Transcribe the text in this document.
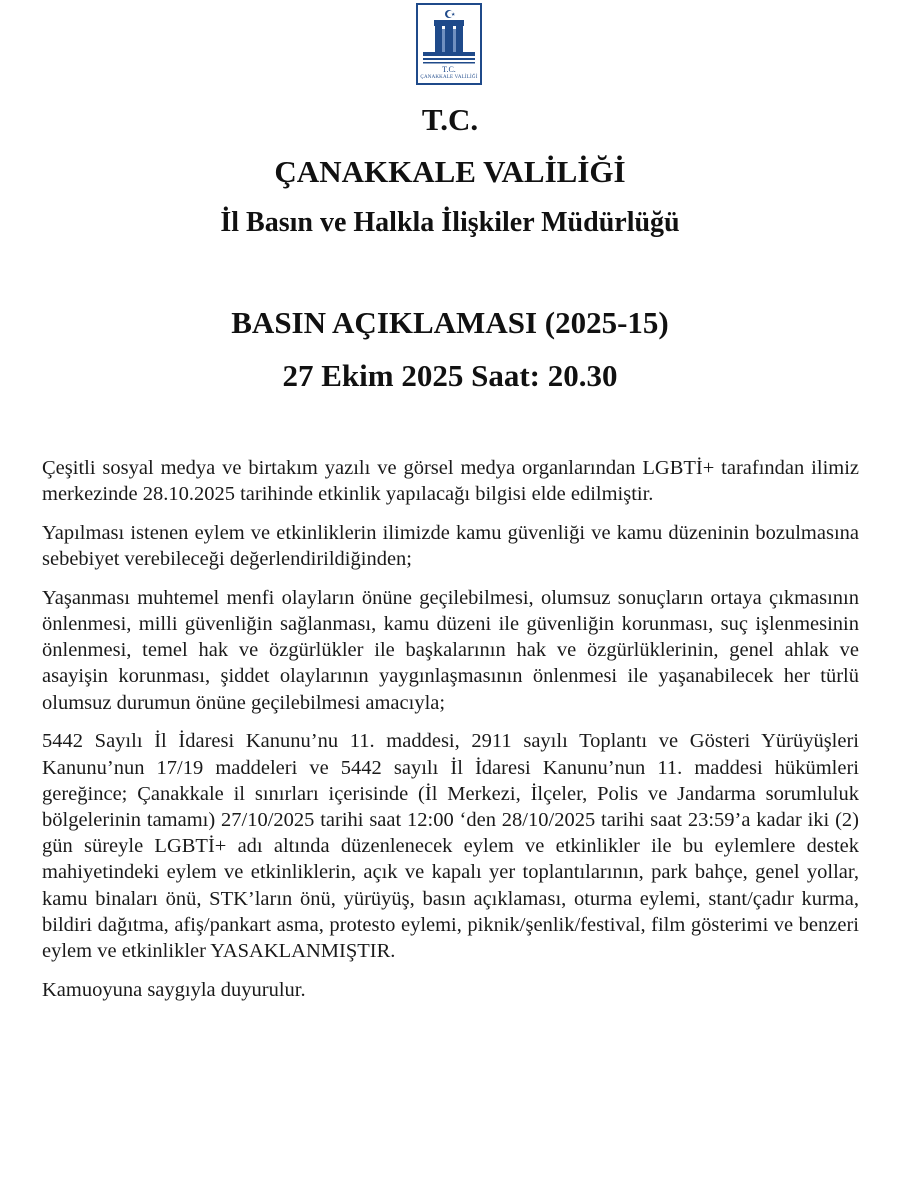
T.C.
ÇANAKKALE VALİLİĞİ
T.C.
ÇANAKKALE VALİLİĞİ
İl Basın ve Halkla İlişkiler Müdürlüğü
BASIN AÇIKLAMASI (2025-15)
27 Ekim 2025 Saat: 20.30

Çeşitli sosyal medya ve birtakım yazılı ve görsel medya organlarından LGBTİ+ tarafından ilimiz merkezinde 28.10.2025 tarihinde etkinlik yapılacağı bilgisi elde edilmiştir.

Yapılması istenen eylem ve etkinliklerin ilimizde kamu güvenliği ve kamu düzeninin bozulmasına sebebiyet verebileceği değerlendirildiğinden;

Yaşanması muhtemel menfi olayların önüne geçilebilmesi, olumsuz sonuçların ortaya çıkmasının önlenmesi, milli güvenliğin sağlanması, kamu düzeni ile güvenliğin korunması, suç işlenmesinin önlenmesi, temel hak ve özgürlükler ile başkalarının hak ve özgürlüklerinin, genel ahlak ve asayişin korunması, şiddet olaylarının yaygınlaşmasının önlenmesi ile yaşanabilecek her türlü olumsuz durumun önüne geçilebilmesi amacıyla;

5442 Sayılı İl İdaresi Kanunu’nu 11. maddesi, 2911 sayılı Toplantı ve Gösteri Yürüyüşleri Kanunu’nun 17/19 maddeleri ve 5442 sayılı İl İdaresi Kanunu’nun 11. maddesi hükümleri gereğince; Çanakkale il sınırları içerisinde (İl Merkezi, İlçeler, Polis ve Jandarma sorumluluk bölgelerinin tamamı) 27/10/2025 tarihi saat 12:00 ‘den 28/10/2025 tarihi saat 23:59’a kadar iki (2) gün süreyle LGBTİ+ adı altında düzenlenecek eylem ve etkinlikler ile bu eylemlere destek mahiyetindeki eylem ve etkinliklerin, açık ve kapalı yer toplantılarının, park bahçe, genel yollar, kamu binaları önü, STK’ların önü, yürüyüş, basın açıklaması, oturma eylemi, stant/çadır kurma, bildiri dağıtma, afiş/pankart asma, protesto eylemi, piknik/şenlik/festival, film gösterimi ve benzeri eylem ve etkinlikler YASAKLANMIŞTIR.

Kamuoyuna saygıyla duyurulur.
